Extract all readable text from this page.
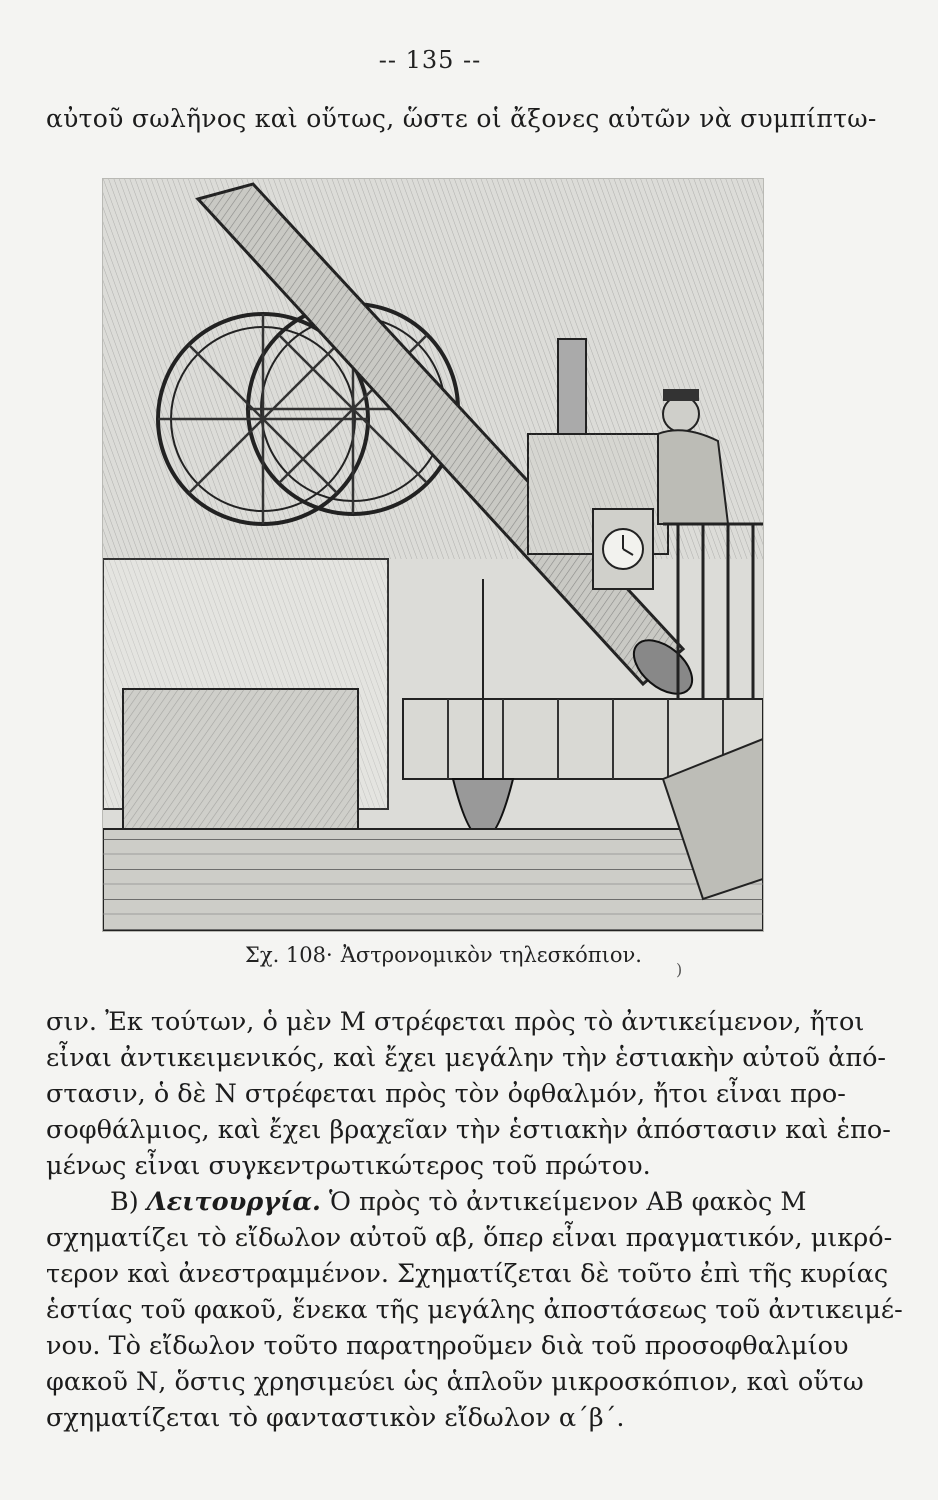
-- 135 --
αὐτοῦ σωλῆνος καὶ οὕτως, ὥστε οἱ ἄξονες αὐτῶν νὰ συμπίπτω-
Σχ. 108· Ἀστρονομικὸν τηλεσκόπιον.
)
σιν. Ἐκ τούτων, ὁ μὲν Μ στρέφεται πρὸς τὸ ἀντικείμενον, ἤτοι
εἶναι ἀντικειμενικός, καὶ ἔχει μεγάλην τὴν ἑστιακὴν αὐτοῦ ἀπό-
στασιν, ὁ δὲ Ν στρέφεται πρὸς τὸν ὀφθαλμόν, ἤτοι εἶναι προ-
σοφθάλμιος, καὶ ἔχει βραχεῖαν τὴν ἑστιακὴν ἀπόστασιν καὶ ἑπο-
μένως εἶναι συγκεντρωτικώτερος τοῦ πρώτου.
Β) Λειτουργία. Ὁ πρὸς τὸ ἀντικείμενον ΑΒ φακὸς Μ
σχηματίζει τὸ εἴδωλον αὐτοῦ αβ, ὅπερ εἶναι πραγματικόν, μικρό-
τερον καὶ ἀνεστραμμένον. Σχηματίζεται δὲ τοῦτο ἐπὶ τῆς κυρίας
ἑστίας τοῦ φακοῦ, ἕνεκα τῆς μεγάλης ἀποστάσεως τοῦ ἀντικειμέ-
νου. Τὸ εἴδωλον τοῦτο παρατηροῦμεν διὰ τοῦ προσοφθαλμίου
φακοῦ Ν, ὅστις χρησιμεύει ὡς ἁπλοῦν μικροσκόπιον, καὶ οὕτω
σχηματίζεται τὸ φανταστικὸν εἴδωλον α΄β΄.
